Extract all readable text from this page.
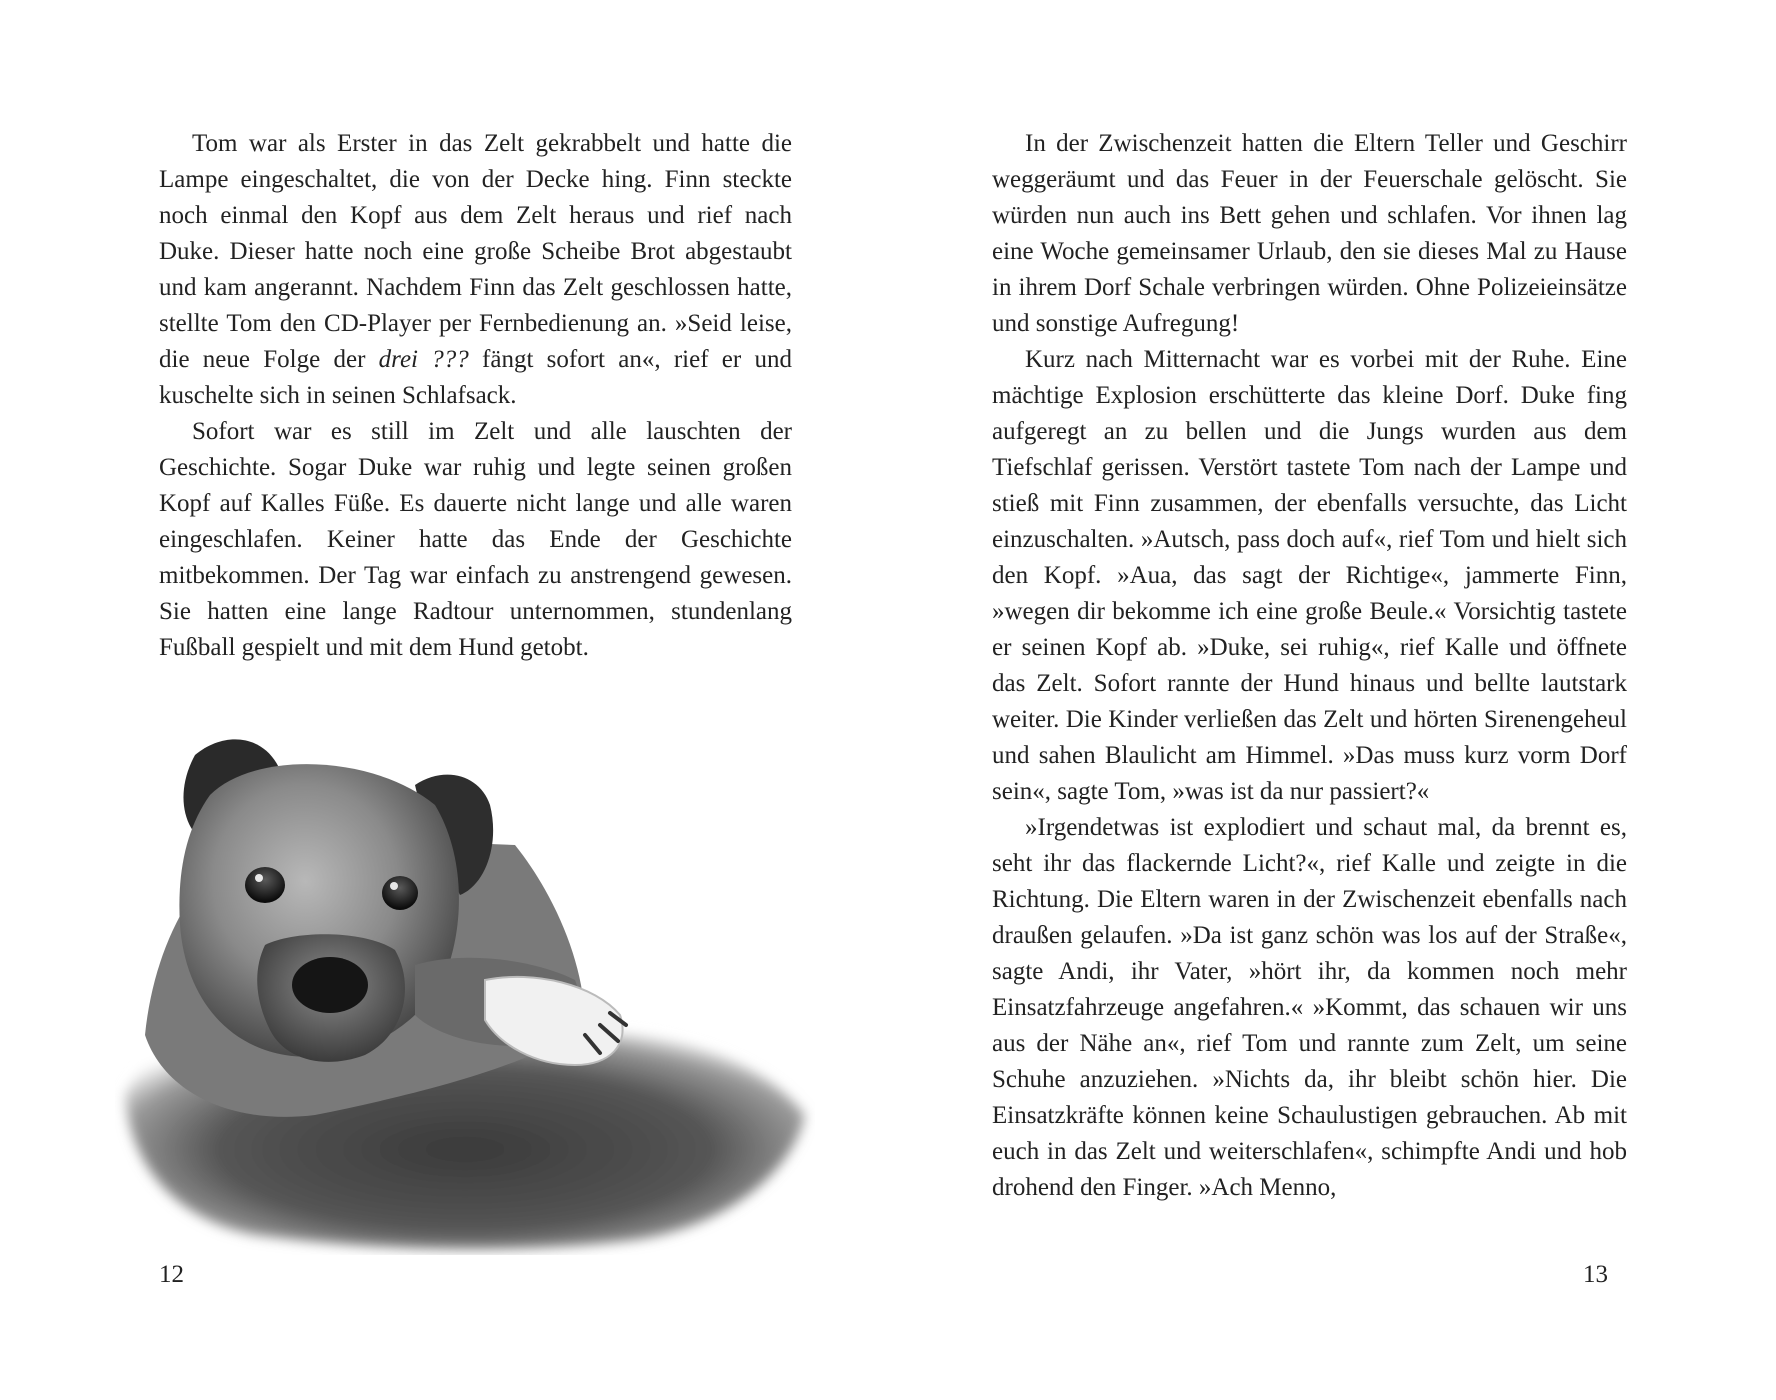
Tom war als Erster in das Zelt gekrabbelt und hatte die Lampe eingeschaltet, die von der Decke hing. Finn steckte noch einmal den Kopf aus dem Zelt heraus und rief nach Duke. Dieser hatte noch eine große Scheibe Brot abgestaubt und kam angerannt. Nachdem Finn das Zelt geschlossen hatte, stellte Tom den CD-Player per Fernbedienung an. »Seid leise, die neue Folge der drei ??? fängt sofort an«, rief er und kuschelte sich in seinen Schlafsack.

Sofort war es still im Zelt und alle lauschten der Geschichte. Sogar Duke war ruhig und legte seinen großen Kopf auf Kalles Füße. Es dauerte nicht lange und alle waren eingeschlafen. Keiner hatte das Ende der Geschichte mitbekommen. Der Tag war einfach zu anstrengend gewesen. Sie hatten eine lange Radtour unternommen, stundenlang Fußball gespielt und mit dem Hund getobt.

12

In der Zwischenzeit hatten die Eltern Teller und Geschirr weggeräumt und das Feuer in der Feuerschale gelöscht. Sie würden nun auch ins Bett gehen und schlafen. Vor ihnen lag eine Woche gemeinsamer Urlaub, den sie dieses Mal zu Hause in ihrem Dorf Schale verbringen würden. Ohne Polizeieinsätze und sonstige Aufregung!

Kurz nach Mitternacht war es vorbei mit der Ruhe. Eine mächtige Explosion erschütterte das kleine Dorf. Duke fing aufgeregt an zu bellen und die Jungs wurden aus dem Tiefschlaf gerissen. Verstört tastete Tom nach der Lampe und stieß mit Finn zusammen, der ebenfalls versuchte, das Licht einzuschalten. »Autsch, pass doch auf«, rief Tom und hielt sich den Kopf. »Aua, das sagt der Richtige«, jammerte Finn, »wegen dir bekomme ich eine große Beule.« Vorsichtig tastete er seinen Kopf ab. »Duke, sei ruhig«, rief Kalle und öffnete das Zelt. Sofort rannte der Hund hinaus und bellte lautstark weiter. Die Kinder verließen das Zelt und hörten Sirenengeheul und sahen Blaulicht am Himmel. »Das muss kurz vorm Dorf sein«, sagte Tom, »was ist da nur passiert?«

»Irgendetwas ist explodiert und schaut mal, da brennt es, seht ihr das flackernde Licht?«, rief Kalle und zeigte in die Richtung. Die Eltern waren in der Zwischenzeit ebenfalls nach draußen gelaufen. »Da ist ganz schön was los auf der Straße«, sagte Andi, ihr Vater, »hört ihr, da kommen noch mehr Einsatzfahrzeuge angefahren.« »Kommt, das schauen wir uns aus der Nähe an«, rief Tom und rannte zum Zelt, um seine Schuhe anzuziehen. »Nichts da, ihr bleibt schön hier. Die Einsatzkräfte können keine Schaulustigen gebrauchen. Ab mit euch in das Zelt und weiterschlafen«, schimpfte Andi und hob drohend den Finger. »Ach Menno,

13
